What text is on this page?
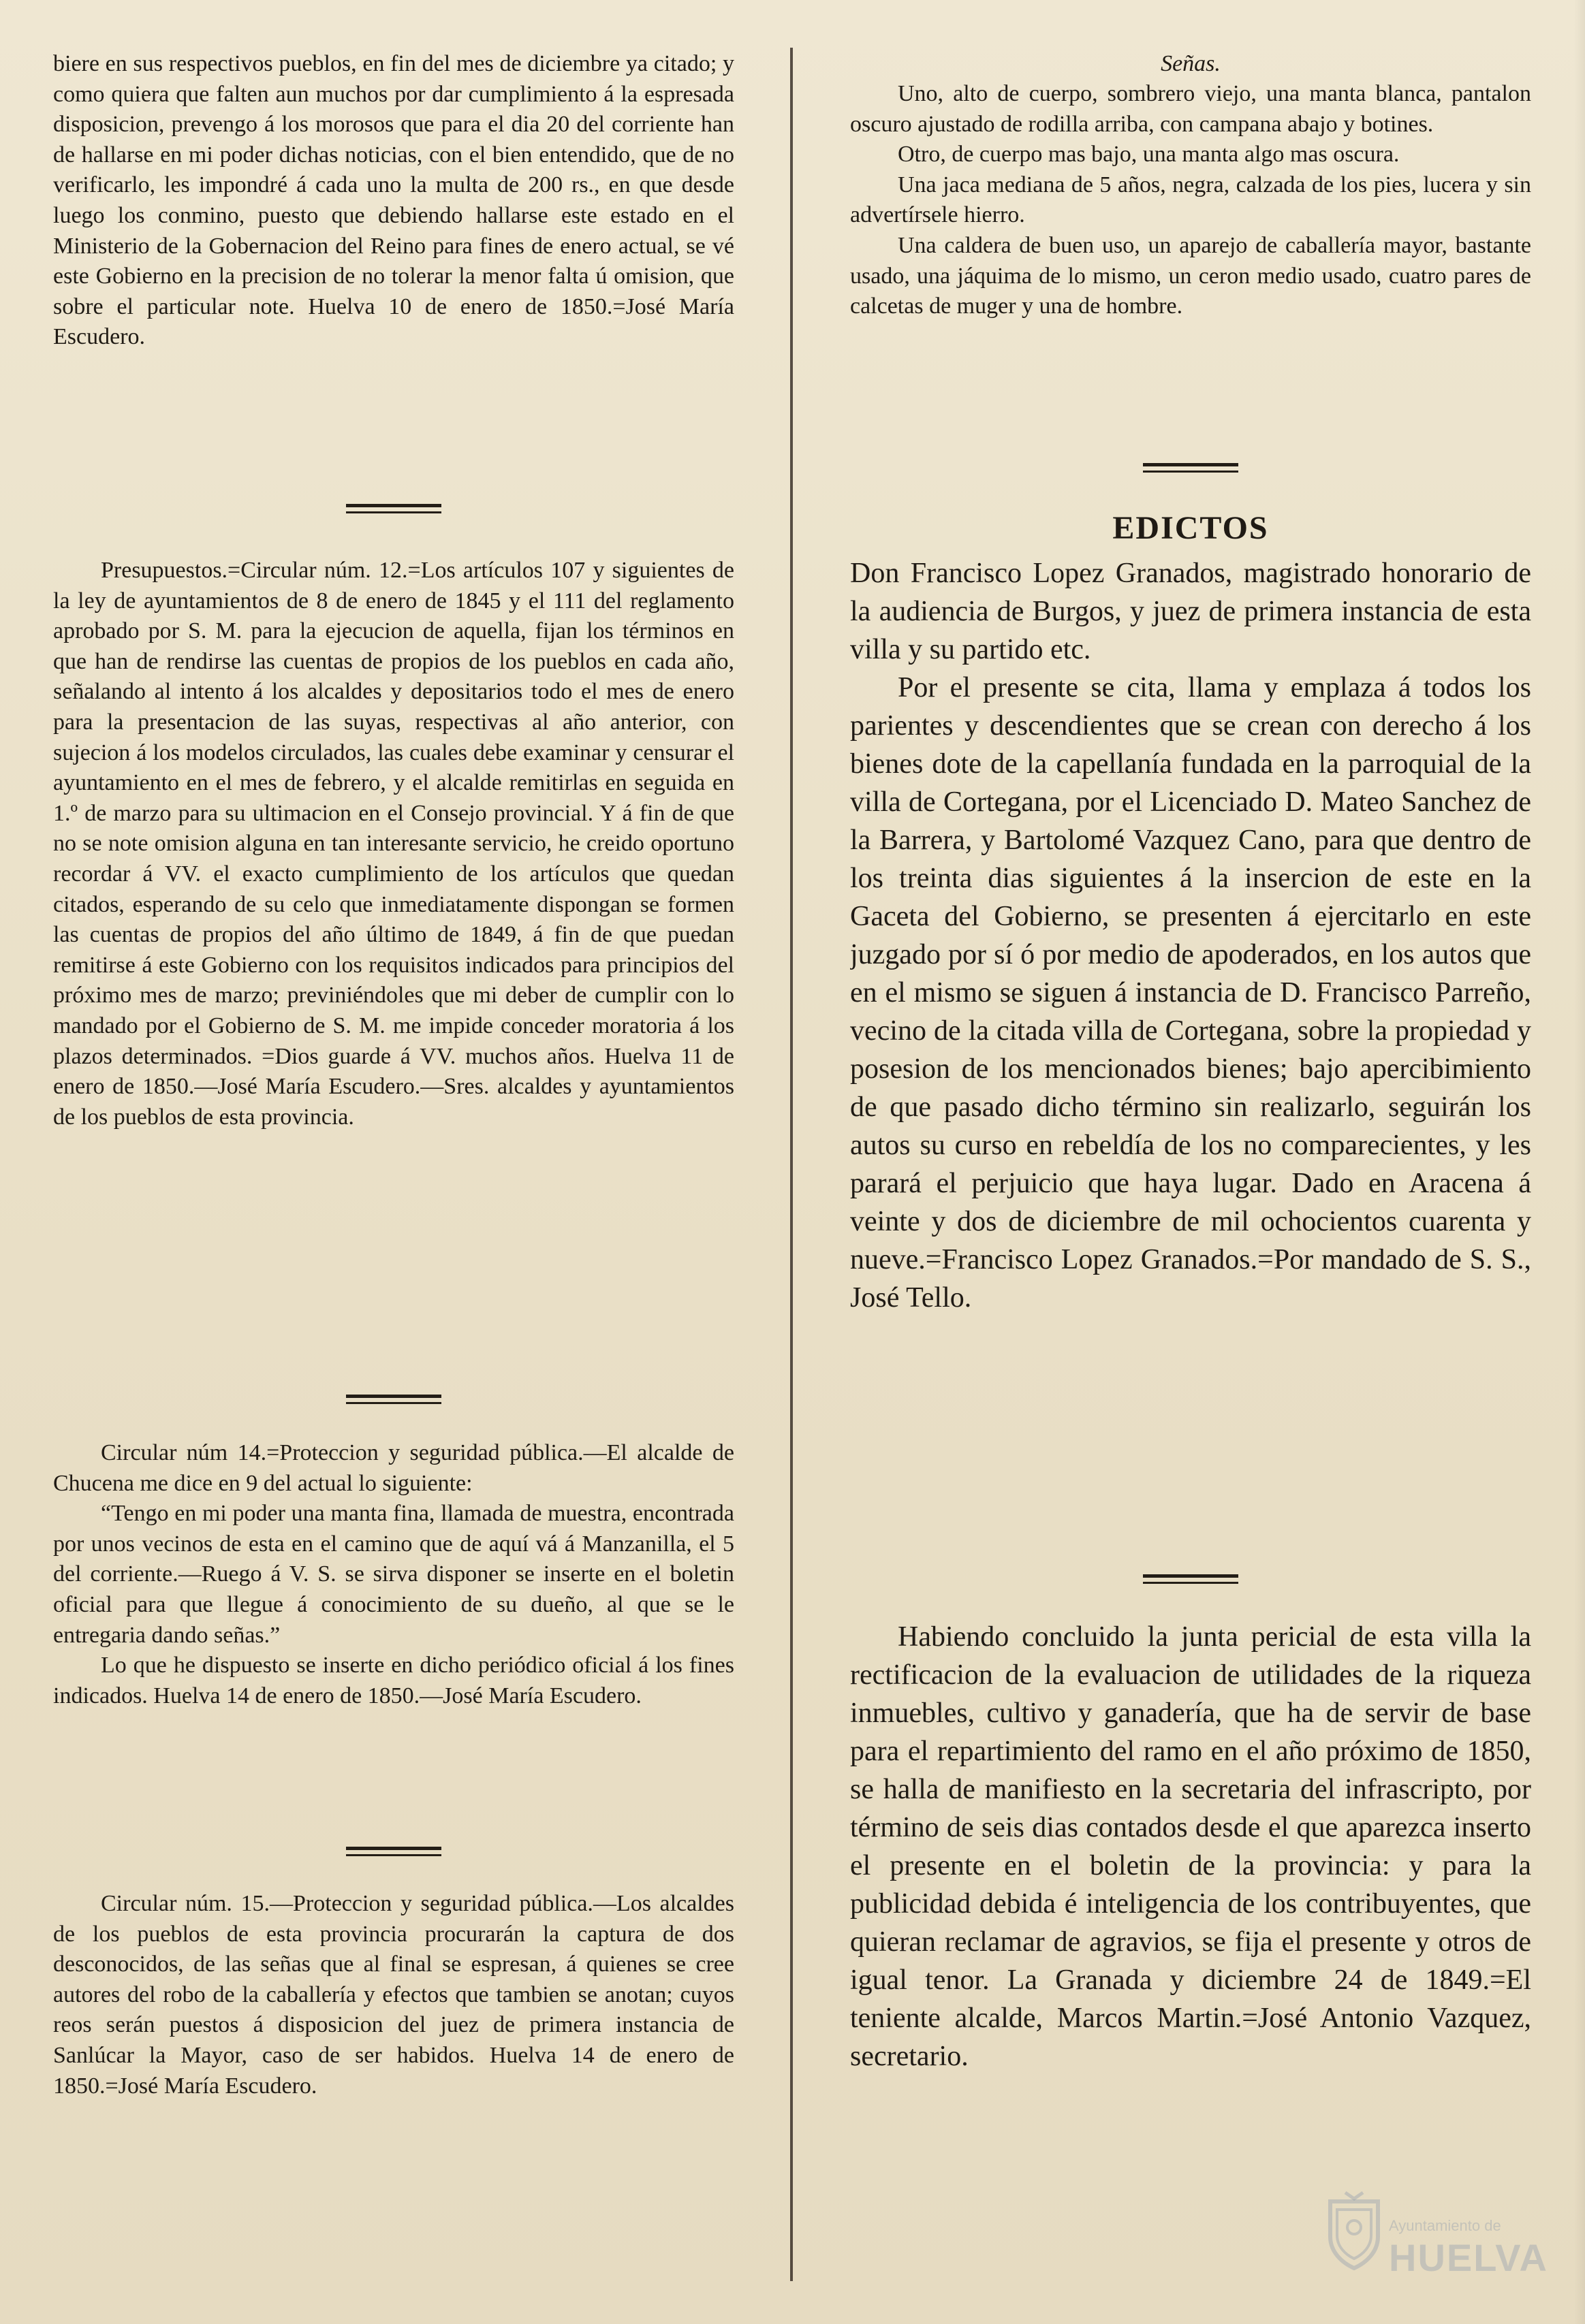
biere en sus respectivos pueblos, en fin del mes de diciembre ya citado; y como quiera que falten aun muchos por dar cumplimiento á la espresada disposicion, prevengo á los morosos que para el dia 20 del corriente han de hallarse en mi poder dichas noticias, con el bien entendido, que de no verificarlo, les impondré á cada uno la multa de 200 rs., en que desde luego los conmino, puesto que debiendo hallarse este estado en el Ministerio de la Gobernacion del Reino para fines de enero actual, se vé este Gobierno en la precision de no tolerar la menor falta ú omision, que sobre el particular note. Huelva 10 de enero de 1850.=José María Escudero.

Presupuestos.=Circular núm. 12.=Los artículos 107 y siguientes de la ley de ayuntamientos de 8 de enero de 1845 y el 111 del reglamento aprobado por S. M. para la ejecucion de aquella, fijan los términos en que han de rendirse las cuentas de propios de los pueblos en cada año, señalando al intento á los alcaldes y depositarios todo el mes de enero para la presentacion de las suyas, respectivas al año anterior, con sujecion á los modelos circulados, las cuales debe examinar y censurar el ayuntamiento en el mes de febrero, y el alcalde remitirlas en seguida en 1.º de marzo para su ultimacion en el Consejo provincial. Y á fin de que no se note omision alguna en tan interesante servicio, he creido oportuno recordar á VV. el exacto cumplimiento de los artículos que quedan citados, esperando de su celo que inmediatamente dispongan se formen las cuentas de propios del año último de 1849, á fin de que puedan remitirse á este Gobierno con los requisitos indicados para principios del próximo mes de marzo; previniéndoles que mi deber de cumplir con lo mandado por el Gobierno de S. M. me impide conceder moratoria á los plazos determinados. =Dios guarde á VV. muchos años. Huelva 11 de enero de 1850.—José María Escudero.—Sres. alcaldes y ayuntamientos de los pueblos de esta provincia.

Circular núm 14.=Proteccion y seguridad pública.—El alcalde de Chucena me dice en 9 del actual lo siguiente:

“Tengo en mi poder una manta fina, llamada de muestra, encontrada por unos vecinos de esta en el camino que de aquí vá á Manzanilla, el 5 del corriente.—Ruego á V. S. se sirva disponer se inserte en el boletin oficial para que llegue á conocimiento de su dueño, al que se le entregaria dando señas.”

Lo que he dispuesto se inserte en dicho periódico oficial á los fines indicados. Huelva 14 de enero de 1850.—José María Escudero.

Circular núm. 15.—Proteccion y seguridad pública.—Los alcaldes de los pueblos de esta provincia procurarán la captura de dos desconocidos, de las señas que al final se espresan, á quienes se cree autores del robo de la caballería y efectos que tambien se anotan; cuyos reos serán puestos á disposicion del juez de primera instancia de Sanlúcar la Mayor, caso de ser habidos. Huelva 14 de enero de 1850.=José María Escudero.

Señas.

Uno, alto de cuerpo, sombrero viejo, una manta blanca, pantalon oscuro ajustado de rodilla arriba, con campana abajo y botines.

Otro, de cuerpo mas bajo, una manta algo mas oscura.

Una jaca mediana de 5 años, negra, calzada de los pies, lucera y sin advertírsele hierro.

Una caldera de buen uso, un aparejo de caballería mayor, bastante usado, una jáquima de lo mismo, un ceron medio usado, cuatro pares de calcetas de muger y una de hombre.

EDICTOS

Don Francisco Lopez Granados, magistrado honorario de la audiencia de Burgos, y juez de primera instancia de esta villa y su partido etc.

Por el presente se cita, llama y emplaza á todos los parientes y descendientes que se crean con derecho á los bienes dote de la capellanía fundada en la parroquial de la villa de Cortegana, por el Licenciado D. Mateo Sanchez de la Barrera, y Bartolomé Vazquez Cano, para que dentro de los treinta dias siguientes á la insercion de este en la Gaceta del Gobierno, se presenten á ejercitarlo en este juzgado por sí ó por medio de apoderados, en los autos que en el mismo se siguen á instancia de D. Francisco Parreño, vecino de la citada villa de Cortegana, sobre la propiedad y posesion de los mencionados bienes; bajo apercibimiento de que pasado dicho término sin realizarlo, seguirán los autos su curso en rebeldía de los no comparecientes, y les parará el perjuicio que haya lugar. Dado en Aracena á veinte y dos de diciembre de mil ochocientos cuarenta y nueve.=Francisco Lopez Granados.=Por mandado de S. S., José Tello.

Habiendo concluido la junta pericial de esta villa la rectificacion de la evaluacion de utilidades de la riqueza inmuebles, cultivo y ganadería, que ha de servir de base para el repartimiento del ramo en el año próximo de 1850, se halla de manifiesto en la secretaria del infrascripto, por término de seis dias contados desde el que aparezca inserto el presente en el boletin de la provincia: y para la publicidad debida é inteligencia de los contribuyentes, que quieran reclamar de agravios, se fija el presente y otros de igual tenor. La Granada y diciembre 24 de 1849.=El teniente alcalde, Marcos Martin.=José Antonio Vazquez, secretario.

Ayuntamiento de
HUELVA
